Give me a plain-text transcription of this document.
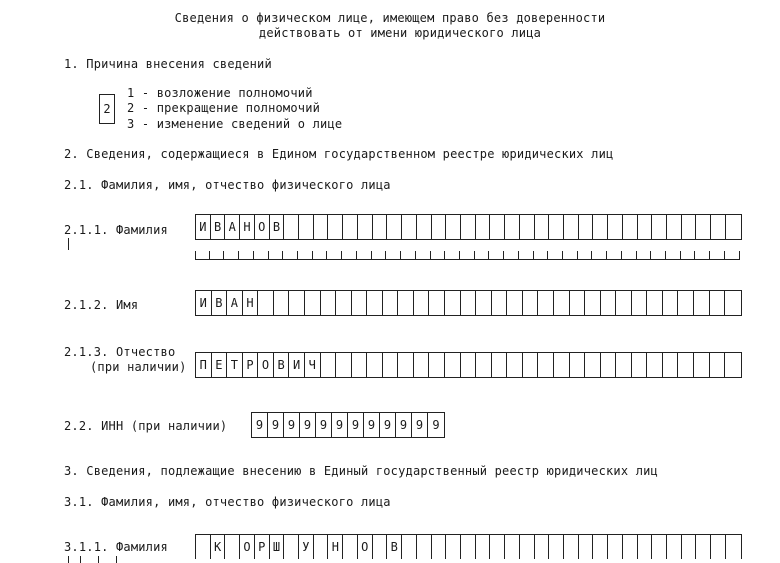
Сведения о физическом лице, имеющем право без доверенности
действовать от имени юридического лица
1. Причина внесения сведений
2
1 - возложение полномочий
2 - прекращение полномочий
3 - изменение сведений о лице
2. Сведения, содержащиеся в Едином государственном реестре юридических лиц
2.1. Фамилия, имя, отчество физического лица
2.1.1. Фамилия	И В А Н О В
2.1.2. Имя	И В А Н
2.1.3. Отчество
(при наличии)	П Е Т Р О В И Ч
2.2. ИНН (при наличии)	9 9 9 9 9 9 9 9 9 9 9 9
3. Сведения, подлежащие внесению в Единый государственный реестр юридических лиц
3.1. Фамилия, имя, отчество физического лица
3.1.1. Фамилия	К	О Р Ш	У	Н	О	В
